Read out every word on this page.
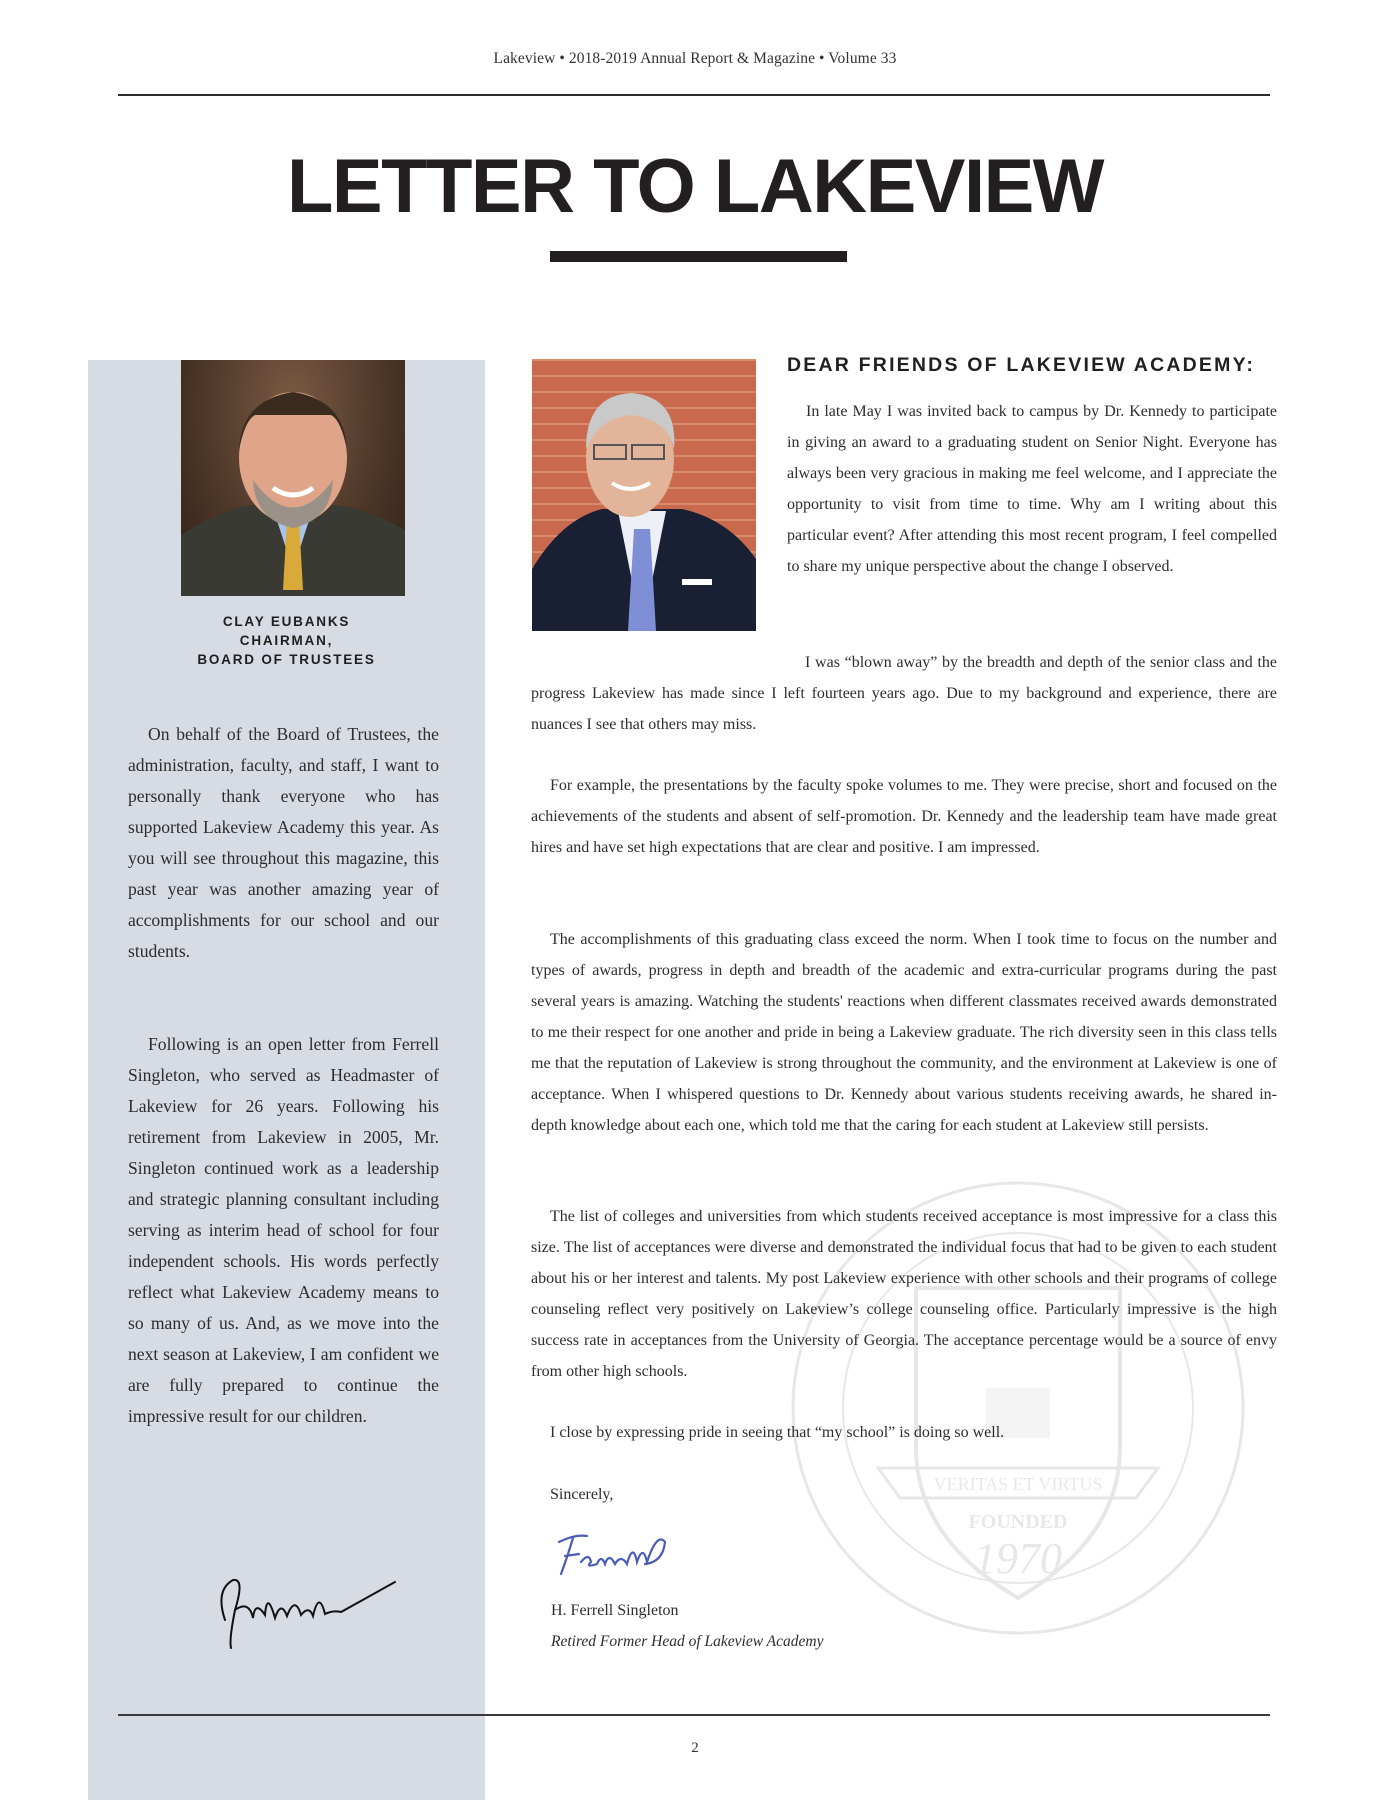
Lakeview • 2018-2019 Annual Report & Magazine • Volume 33
LETTER TO LAKEVIEW
CLAY EUBANKS
CHAIRMAN,
BOARD OF TRUSTEES

On behalf of the Board of Trustees, the administration, faculty, and staff, I want to personally thank everyone who has supported Lakeview Academy this year. As you will see throughout this magazine, this past year was another amazing year of accomplishments for our school and our students.

Following is an open letter from Ferrell Singleton, who served as Headmaster of Lakeview for 26 years. Following his retirement from Lakeview in 2005, Mr. Singleton continued work as a leadership and strategic planning consultant including serving as interim head of school for four independent schools. His words perfectly reflect what Lakeview Academy means to so many of us. And, as we move into the next season at Lakeview, I am confident we are fully prepared to continue the impressive result for our children.

DEAR FRIENDS OF LAKEVIEW ACADEMY:

In late May I was invited back to campus by Dr. Kennedy to participate in giving an award to a graduating student on Senior Night. Everyone has always been very gracious in making me feel welcome, and I appreciate the opportunity to visit from time to time. Why am I writing about this particular event? After attending this most recent program, I feel compelled to share my unique perspective about the change I observed.

I was “blown away” by the breadth and depth of the senior class and the progress Lakeview has made since I left fourteen years ago. Due to my background and experience, there are nuances I see that others may miss.

For example, the presentations by the faculty spoke volumes to me. They were precise, short and focused on the achievements of the students and absent of self-promotion. Dr. Kennedy and the leadership team have made great hires and have set high expectations that are clear and positive. I am impressed.

The accomplishments of this graduating class exceed the norm. When I took time to focus on the number and types of awards, progress in depth and breadth of the academic and extra-curricular programs during the past several years is amazing. Watching the students' reactions when different classmates received awards demonstrated to me their respect for one another and pride in being a Lakeview graduate. The rich diversity seen in this class tells me that the reputation of Lakeview is strong throughout the community, and the environment at Lakeview is one of acceptance. When I whispered questions to Dr. Kennedy about various students receiving awards, he shared in-depth knowledge about each one, which told me that the caring for each student at Lakeview still persists.

The list of colleges and universities from which students received acceptance is most impressive for a class this size. The list of acceptances were diverse and demonstrated the individual focus that had to be given to each student about his or her interest and talents. My post Lakeview experience with other schools and their programs of college counseling reflect very positively on Lakeview’s college counseling office. Particularly impressive is the high success rate in acceptances from the University of Georgia. The acceptance percentage would be a source of envy from other high schools.

I close by expressing pride in seeing that “my school” is doing so well.

Sincerely,

H. Ferrell Singleton
Retired Former Head of Lakeview Academy
VERITAS ET VIRTUS
FOUNDED
1970
2
